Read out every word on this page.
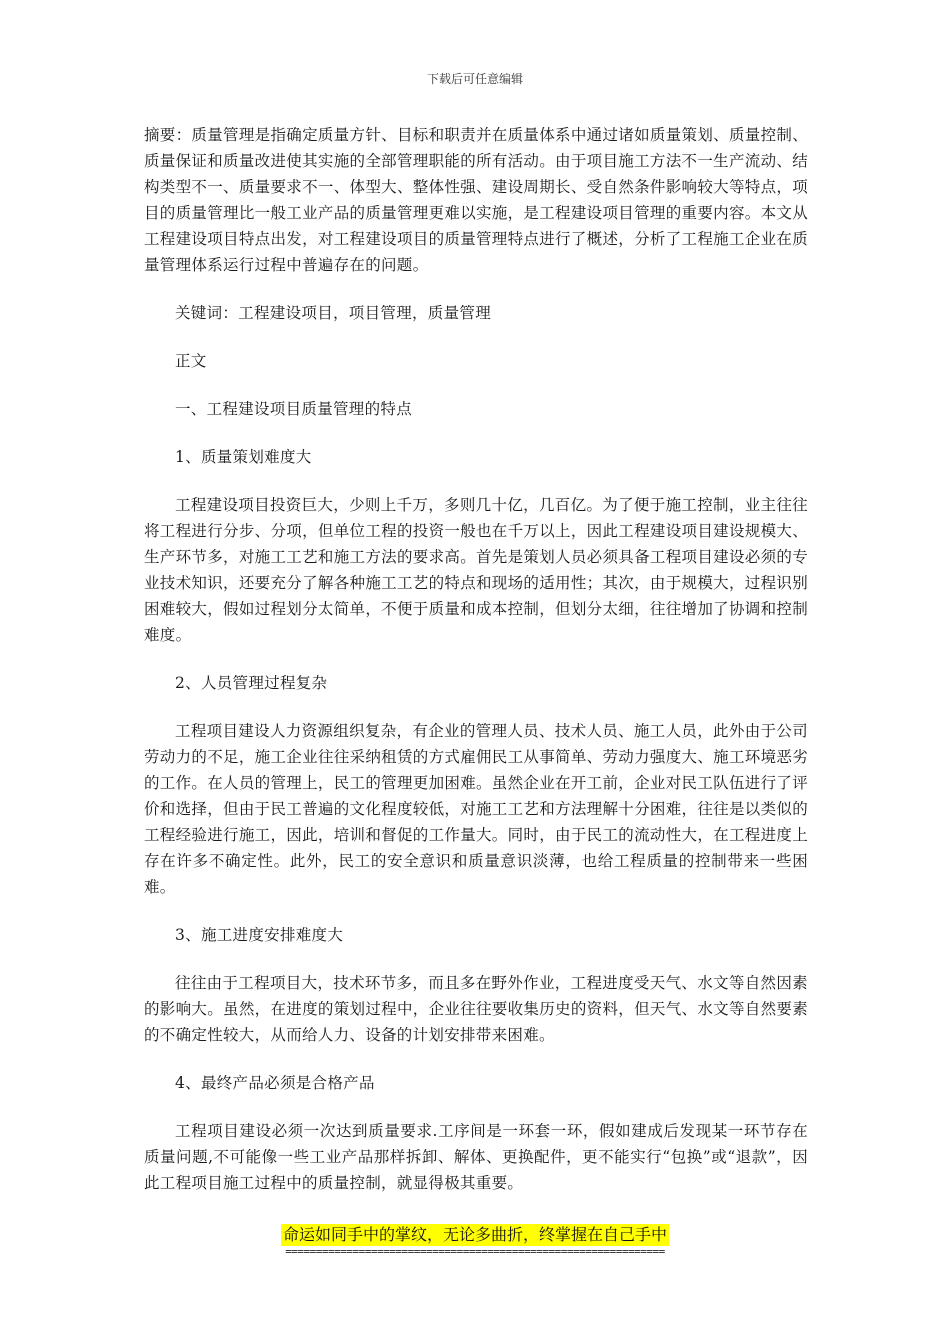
下载后可任意编辑

摘要：质量管理是指确定质量方针、目标和职责并在质量体系中通过诸如质量策划、质量控制、质量保证和质量改进使其实施的全部管理职能的所有活动。由于项目施工方法不一生产流动、结构类型不一、质量要求不一、体型大、整体性强、建设周期长、受自然条件影响较大等特点，项目的质量管理比一般工业产品的质量管理更难以实施，是工程建设项目管理的重要内容。本文从工程建设项目特点出发，对工程建设项目的质量管理特点进行了概述，分析了工程施工企业在质量管理体系运行过程中普遍存在的问题。

关键词：工程建设项目，项目管理，质量管理

正文

一、工程建设项目质量管理的特点

1、质量策划难度大

工程建设项目投资巨大，少则上千万，多则几十亿，几百亿。为了便于施工控制，业主往往将工程进行分步、分项，但单位工程的投资一般也在千万以上，因此工程建设项目建设规模大、生产环节多，对施工工艺和施工方法的要求高。首先是策划人员必须具备工程项目建设必须的专业技术知识，还要充分了解各种施工工艺的特点和现场的适用性；其次，由于规模大，过程识别困难较大，假如过程划分太简单，不便于质量和成本控制，但划分太细，往往增加了协调和控制难度。

2、人员管理过程复杂

工程项目建设人力资源组织复杂，有企业的管理人员、技术人员、施工人员，此外由于公司劳动力的不足，施工企业往往采纳租赁的方式雇佣民工从事简单、劳动力强度大、施工环境恶劣的工作。在人员的管理上，民工的管理更加困难。虽然企业在开工前，企业对民工队伍进行了评价和选择，但由于民工普遍的文化程度较低，对施工工艺和方法理解十分困难，往往是以类似的工程经验进行施工，因此，培训和督促的工作量大。同时，由于民工的流动性大，在工程进度上存在许多不确定性。此外，民工的安全意识和质量意识淡薄，也给工程质量的控制带来一些困难。

3、施工进度安排难度大

往往由于工程项目大，技术环节多，而且多在野外作业，工程进度受天气、水文等自然因素的影响大。虽然，在进度的策划过程中，企业往往要收集历史的资料，但天气、水文等自然要素的不确定性较大，从而给人力、设备的计划安排带来困难。

4、最终产品必须是合格产品

工程项目建设必须一次达到质量要求.工序间是一环套一环，假如建成后发现某一环节存在质量问题,不可能像一些工业产品那样拆卸、解体、更换配件，更不能实行“包换”或“退款”，因此工程项目施工过程中的质量控制，就显得极其重要。

命运如同手中的掌纹，无论多曲折，终掌握在自己手中
==============================================================
